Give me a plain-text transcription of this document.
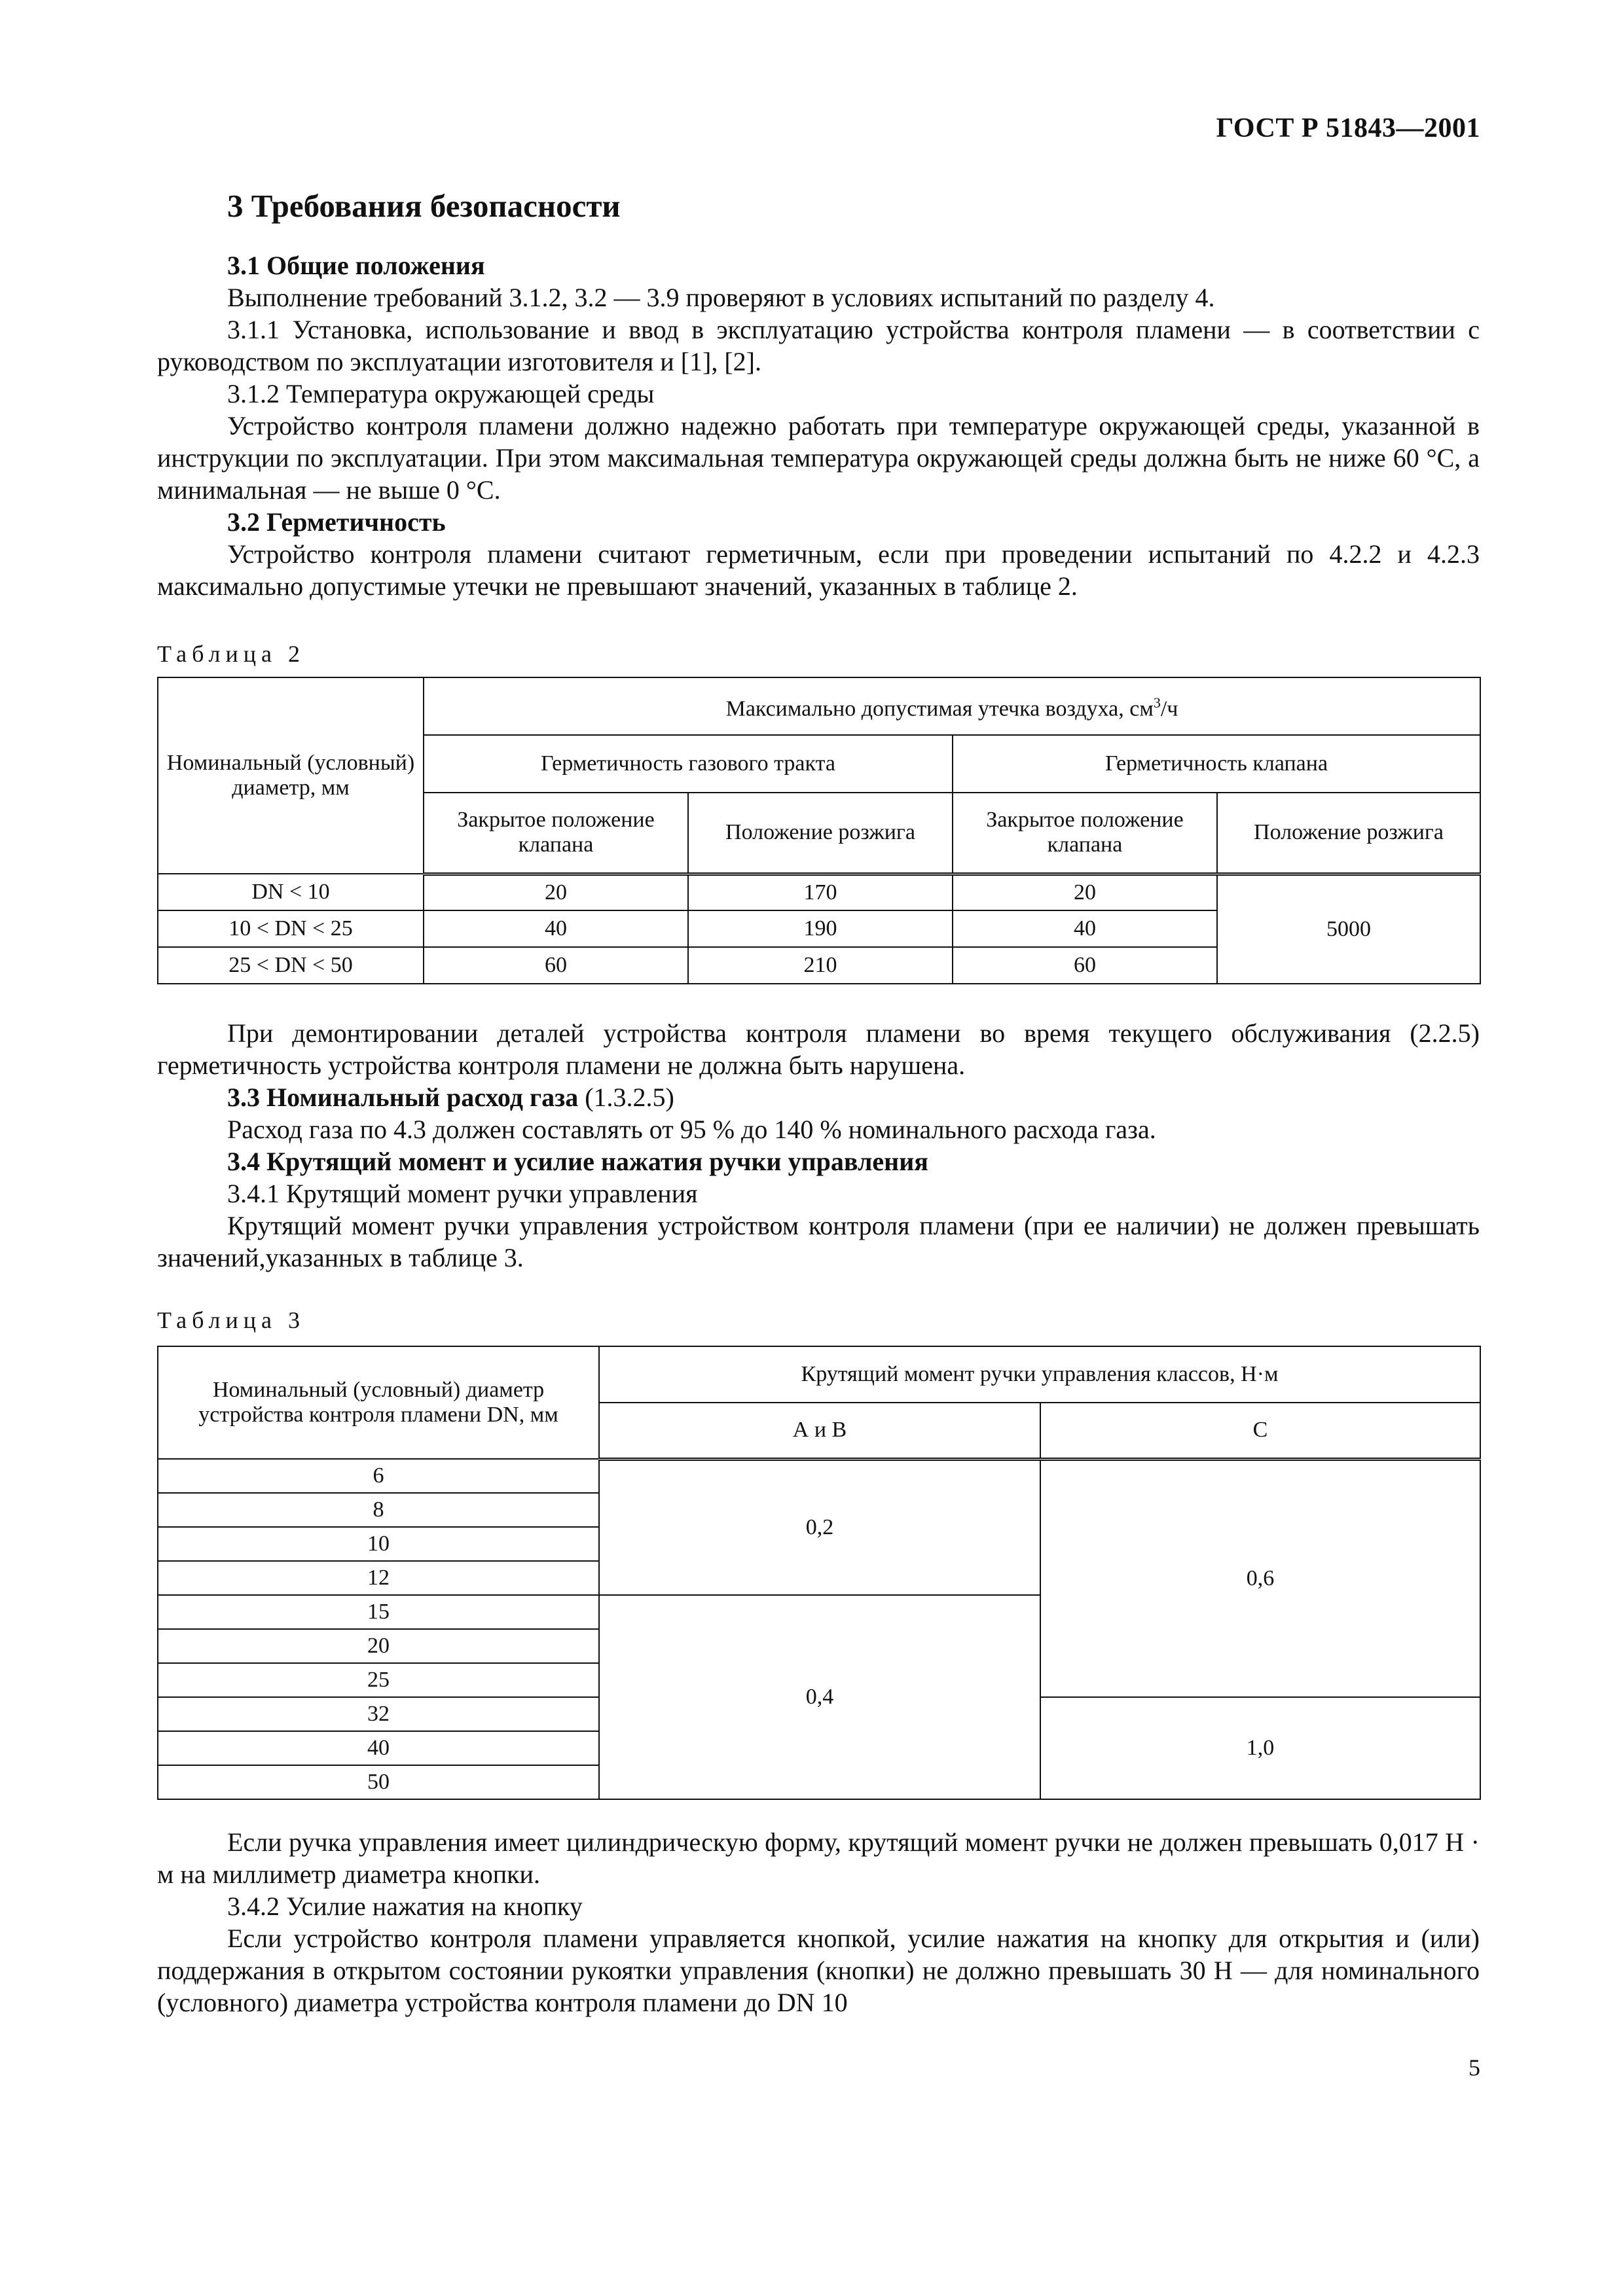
ГОСТ Р 51843—2001

3 Требования безопасности

3.1 Общие положения

Выполнение требований 3.1.2, 3.2 — 3.9 проверяют в условиях испытаний по разделу 4.

3.1.1 Установка, использование и ввод в эксплуатацию устройства контроля пламени — в соответствии с руководством по эксплуатации изготовителя и [1], [2].

3.1.2 Температура окружающей среды

Устройство контроля пламени должно надежно работать при температуре окружающей среды, указанной в инструкции по эксплуатации. При этом максимальная температура окружающей среды должна быть не ниже 60 °С, а минимальная — не выше 0 °С.

3.2 Герметичность

Устройство контроля пламени считают герметичным, если при проведении испытаний по 4.2.2 и 4.2.3 максимально допустимые утечки не превышают значений, указанных в таблице 2.

Таблица 2
Номинальный (условный) диаметр, мм	Максимально допустимая утечка воздуха, $см^3/ч$			
	Герметичность газового тракта		Герметичность клапана	
	Закрытое положение клапана	Положение розжига	Закрытое положение клапана	Положение розжига
DN < 10	20	170	20	5000
10 < DN < 25	40	190	40	
25 < DN < 50	60	210	60	

При демонтировании деталей устройства контроля пламени во время текущего обслуживания (2.2.5) герметичность устройства контроля пламени не должна быть нарушена.

3.3 Номинальный расход газа (1.3.2.5)

Расход газа по 4.3 должен составлять от 95 % до 140 % номинального расхода газа.

3.4 Крутящий момент и усилие нажатия ручки управления

3.4.1 Крутящий момент ручки управления

Крутящий момент ручки управления устройством контроля пламени (при ее наличии) не должен превышать значений,указанных в таблице 3.

Таблица 3
Номинальный (условный) диаметр устройства контроля пламени DN, мм	Крутящий момент ручки управления классов, Н·м	
	А и В	С
6	0,2	0,6
8		
10		
12		
15	0,4	
20		
25		
32		1,0
40		
50		

Если ручка управления имеет цилиндрическую форму, крутящий момент ручки не должен превышать 0,017 Н · м на миллиметр диаметра кнопки.

3.4.2 Усилие нажатия на кнопку

Если устройство контроля пламени управляется кнопкой, усилие нажатия на кнопку для открытия и (или) поддержания в открытом состоянии рукоятки управления (кнопки) не должно превышать 30 Н — для номинального (условного) диаметра устройства контроля пламени до DN 10

5
